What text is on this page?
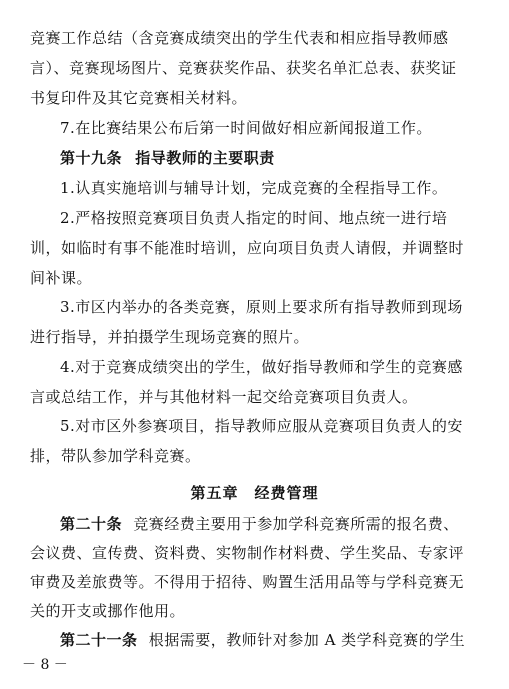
竞赛工作总结（含竞赛成绩突出的学生代表和相应指导教师感
言）、竞赛现场图片、竞赛获奖作品、获奖名单汇总表、获奖证
书复印件及其它竞赛相关材料。
7.在比赛结果公布后第一时间做好相应新闻报道工作。
第十九条 指导教师的主要职责
1.认真实施培训与辅导计划，完成竞赛的全程指导工作。
2.严格按照竞赛项目负责人指定的时间、地点统一进行培
训，如临时有事不能准时培训，应向项目负责人请假，并调整时
间补课。
3.市区内举办的各类竞赛，原则上要求所有指导教师到现场
进行指导，并拍摄学生现场竞赛的照片。
4.对于竞赛成绩突出的学生，做好指导教师和学生的竞赛感
言或总结工作，并与其他材料一起交给竞赛项目负责人。
5.对市区外参赛项目，指导教师应服从竞赛项目负责人的安
排，带队参加学科竞赛。
第五章　经费管理
第二十条 竞赛经费主要用于参加学科竞赛所需的报名费、
会议费、宣传费、资料费、实物制作材料费、学生奖品、专家评
审费及差旅费等。不得用于招待、购置生活用品等与学科竞赛无
关的开支或挪作他用。
第二十一条 根据需要，教师针对参加 A 类学科竞赛的学生
－ 8 －
